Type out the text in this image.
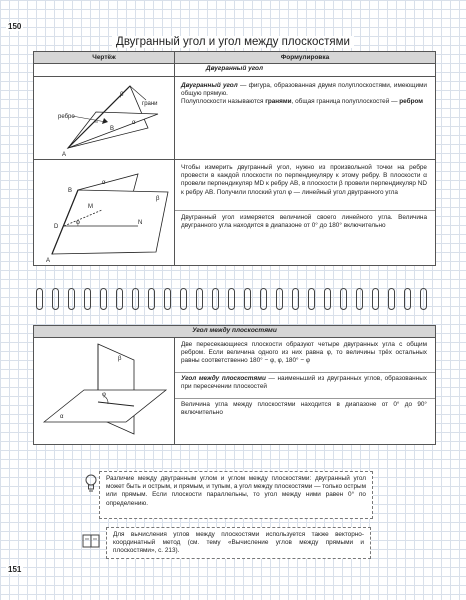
150
151
Двугранный угол и угол между плоскостями
Чертёж	Формулировка
Двугранный угол
β
грани
ребро
α
B
A
Двугранный угол — фигура, образованная двумя полуплоскостями, имеющими общую прямую.
Полуплоскости называются гранями, общая граница полуплоскостей — ребром
α
β
B
M
N
φ
D
A
Чтобы измерить двугранный угол, нужно из произвольной точки на ребре провести в каждой плоскости по перпендикуляру к этому ребру. В плоскости α провели перпендикуляр MD к ребру AB, в плоскости β провели перпендикуляр ND к ребру AB. Получили плоский угол φ — линейный угол двугранного угла
Двугранный угол измеряется величиной своего линейного угла. Величина двугранного угла находится в диапазоне от 0° до 180° включительно
Угол между плоскостями
β
α
φ
Две пересекающиеся плоскости образуют четыре двугранных угла с общим ребром. Если величина одного из них равна φ, то величины трёх остальных равны соответственно 180° − φ, φ, 180° − φ
Угол между плоскостями — наименьший из двугранных углов, образованных при пересечении плоскостей
Величина угла между плоскостями находится в диапазоне от 0° до 90° включительно
Различие между двугранным углом и углом между плоскостями: двугранный угол может быть и острым, и прямым, и тупым, а угол между плоскостями — только острым или прямым. Если плоскости параллельны, то угол между ними равен 0° по определению.
Для вычисления углов между плоскостями используется также векторно-координатный метод (см. тему «Вычисление углов между прямыми и плоскостями», с. 213).
